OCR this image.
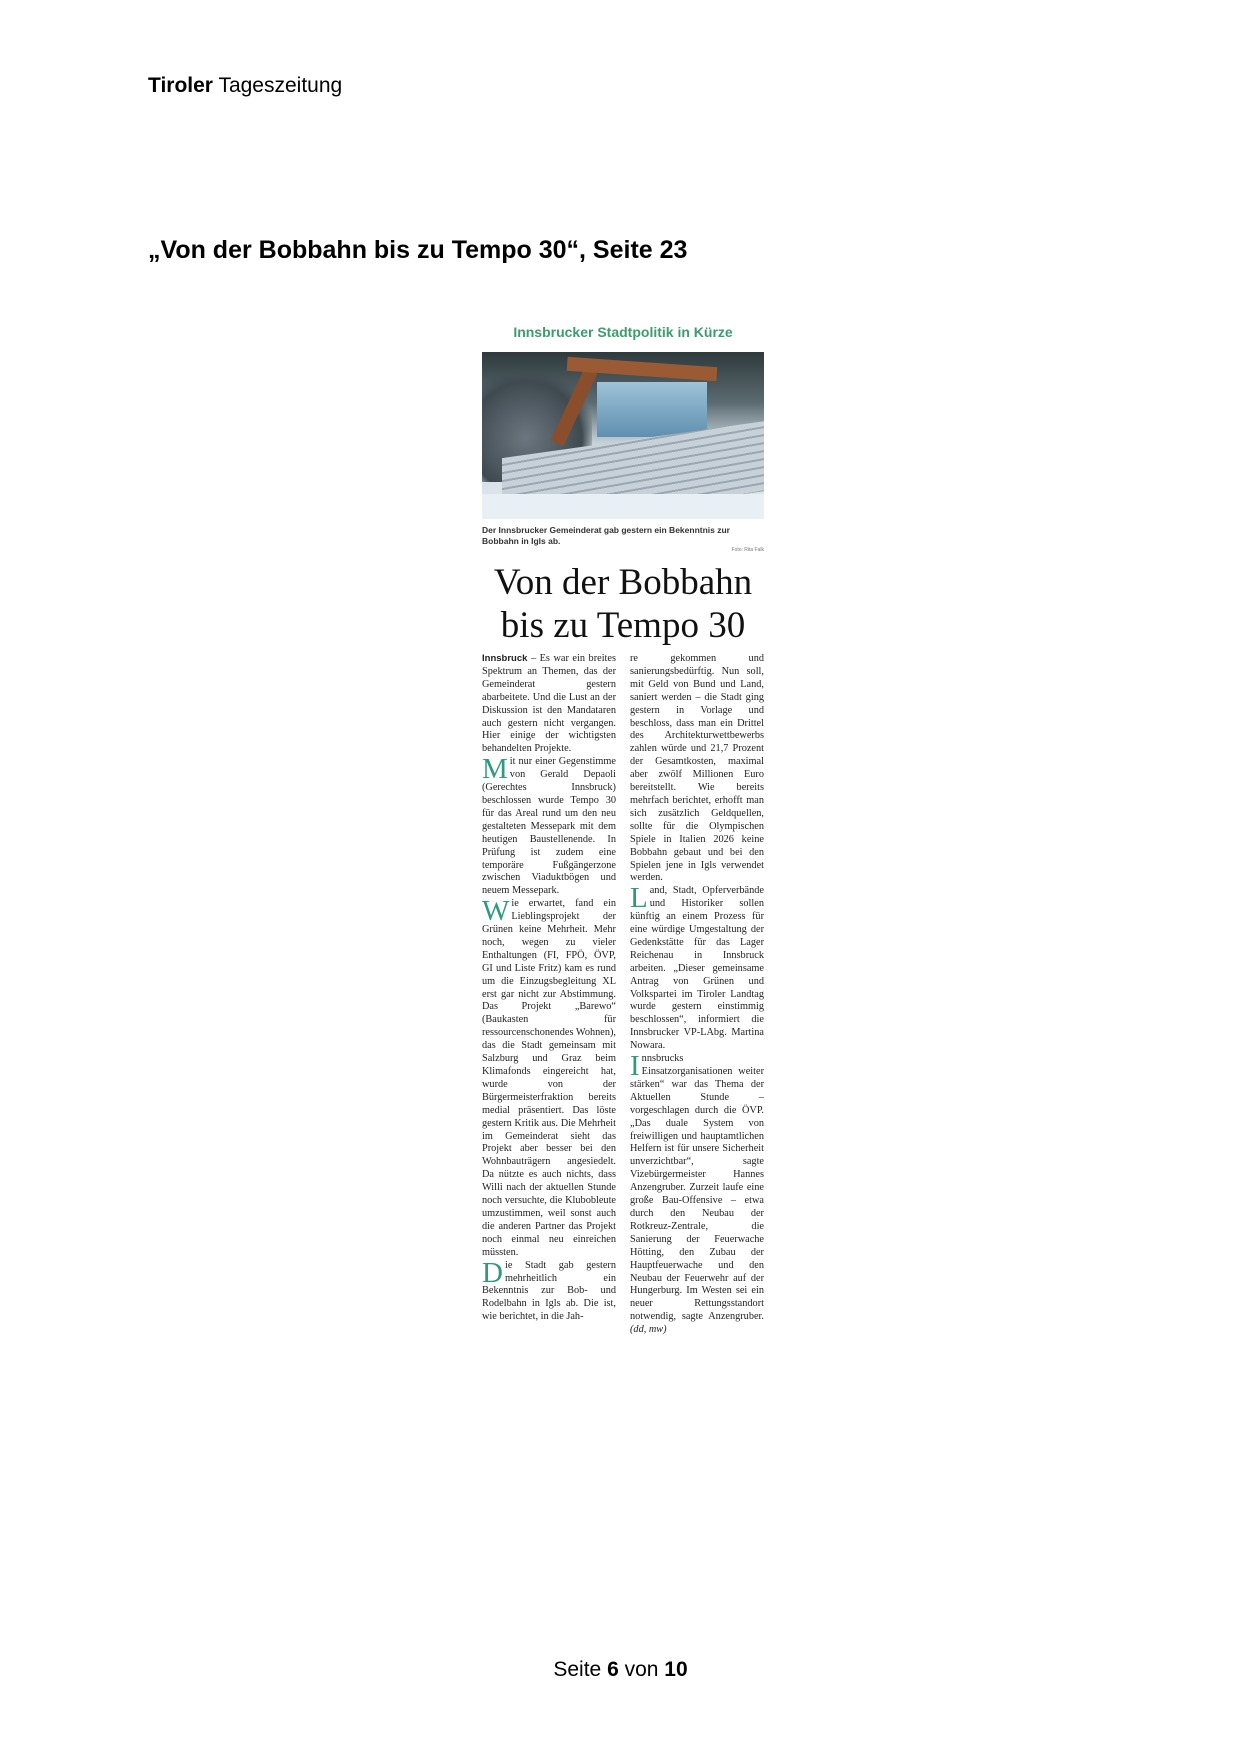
Tiroler Tageszeitung
„Von der Bobbahn bis zu Tempo 30“, Seite 23
Innsbrucker Stadtpolitik in Kürze
Der Innsbrucker Gemeinderat gab gestern ein Bekenntnis zur Bobbahn in Igls ab.
Foto: Rita Falk
Von der Bobbahn
bis zu Tempo 30

Innsbruck – Es war ein breites Spektrum an Themen, das der Gemeinderat gestern abarbeitete. Und die Lust an der Diskussion ist den Mandataren auch gestern nicht vergangen. Hier einige der wichtigsten behandelten Projekte.

Mit nur einer Gegenstimme von Gerald Depaoli (Gerechtes Innsbruck) beschlossen wurde Tempo 30 für das Areal rund um den neu gestalteten Messepark mit dem heutigen Baustellenende. In Prüfung ist zudem eine temporäre Fußgängerzone zwischen Viaduktbögen und neuem Messepark.

Wie erwartet, fand ein Lieblingsprojekt der Grünen keine Mehrheit. Mehr noch, wegen zu vieler Enthaltungen (FI, FPÖ, ÖVP, GI und Liste Fritz) kam es rund um die Einzugsbegleitung XL erst gar nicht zur Abstimmung. Das Projekt „Barewo“ (Baukasten für ressourcenschonendes Wohnen), das die Stadt gemeinsam mit Salzburg und Graz beim Klimafonds eingereicht hat, wurde von der Bürgermeisterfraktion bereits medial präsentiert. Das löste gestern Kritik aus. Die Mehrheit im Gemeinderat sieht das Projekt aber besser bei den Wohnbauträgern angesiedelt. Da nützte es auch nichts, dass Willi nach der aktuellen Stunde noch versuchte, die Klubobleute umzustimmen, weil sonst auch die anderen Partner das Projekt noch einmal neu einreichen müssten.

Die Stadt gab gestern mehrheitlich ein Bekenntnis zur Bob- und Rodelbahn in Igls ab. Die ist, wie berichtet, in die Jah-

re gekommen und sanierungsbedürftig. Nun soll, mit Geld von Bund und Land, saniert werden – die Stadt ging gestern in Vorlage und beschloss, dass man ein Drittel des Architekturwettbewerbs zahlen würde und 21,7 Prozent der Gesamtkosten, maximal aber zwölf Millionen Euro bereitstellt. Wie bereits mehrfach berichtet, erhofft man sich zusätzlich Geldquellen, sollte für die Olympischen Spiele in Italien 2026 keine Bobbahn gebaut und bei den Spielen jene in Igls verwendet werden.

Land, Stadt, Opferverbände und Historiker sollen künftig an einem Prozess für eine würdige Umgestaltung der Gedenkstätte für das Lager Reichenau in Innsbruck arbeiten. „Dieser gemeinsame Antrag von Grünen und Volkspartei im Tiroler Landtag wurde gestern einstimmig beschlossen“, informiert die Innsbrucker VP-LAbg. Martina Nowara.

Innsbrucks Einsatzorganisationen weiter stärken“ war das Thema der Aktuellen Stunde – vorgeschlagen durch die ÖVP. „Das duale System von freiwilligen und hauptamtlichen Helfern ist für unsere Sicherheit unverzichtbar“, sagte Vizebürgermeister Hannes Anzengruber. Zurzeit laufe eine große Bau-Offensive – etwa durch den Neubau der Rotkreuz-Zentrale, die Sanierung der Feuerwache Hötting, den Zubau der Hauptfeuerwache und den Neubau der Feuerwehr auf der Hungerburg. Im Westen sei ein neuer Rettungsstandort notwendig, sagte Anzengruber. (dd, mw)

Seite 6 von 10
